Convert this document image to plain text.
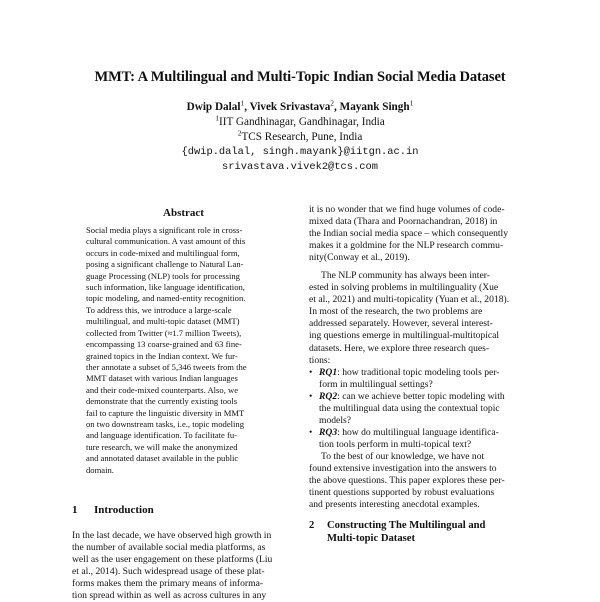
MMT: A Multilingual and Multi-Topic Indian Social Media Dataset
Dwip Dalal$^1$, Vivek Srivastava$^2$, Mayank Singh$^1$
$^1$IIT Gandhinagar, Gandhinagar, India
$^2$TCS Research, Pune, India
{dwip.dalal, singh.mayank}@iitgn.ac.in
srivastava.vivek2@tcs.com
Abstract
Social media plays a significant role in cross-
cultural communication. A vast amount of this
occurs in code-mixed and multilingual form,
posing a significant challenge to Natural Lan-
guage Processing (NLP) tools for processing
such information, like language identification,
topic modeling, and named-entity recognition.
To address this, we introduce a large-scale
multilingual, and multi-topic dataset (MMT)
collected from Twitter (≈1.7 million Tweets),
encompassing 13 coarse-grained and 63 fine-
grained topics in the Indian context. We fur-
ther annotate a subset of 5,346 tweets from the
MMT dataset with various Indian languages
and their code-mixed counterparts. Also, we
demonstrate that the currently existing tools
fail to capture the linguistic diversity in MMT
on two downstream tasks, i.e., topic modeling
and language identification. To facilitate fu-
ture research, we will make the anonymized
and annotated dataset available in the public
domain.
1 Introduction
In the last decade, we have observed high growth in
the number of available social media platforms, as
well as the user engagement on these platforms (Liu
et al., 2014). Such widespread usage of these plat-
forms makes them the primary means of informa-
tion spread within as well as across cultures in any
it is no wonder that we find huge volumes of code-
mixed data (Thara and Poornachandran, 2018) in
the Indian social media space – which consequently
makes it a goldmine for the NLP research commu-
nity(Conway et al., 2019).
The NLP community has always been inter-
ested in solving problems in multilinguality (Xue
et al., 2021) and multi-topicality (Yuan et al., 2018).
In most of the research, the two problems are
addressed separately. However, several interest-
ing questions emerge in multilingual-multitopical
datasets. Here, we explore three research ques-
tions:
• RQ1: how traditional topic modeling tools per-
form in multilingual settings?
• RQ2: can we achieve better topic modeling with
the multilingual data using the contextual topic
models?
• RQ3: how do multilingual language identifica-
tion tools perform in multi-topical text?
To the best of our knowledge, we have not
found extensive investigation into the answers to
the above questions. This paper explores these per-
tinent questions supported by robust evaluations
and presents interesting anecdotal examples.
2 Constructing The Multilingual and
Multi-topic Dataset
